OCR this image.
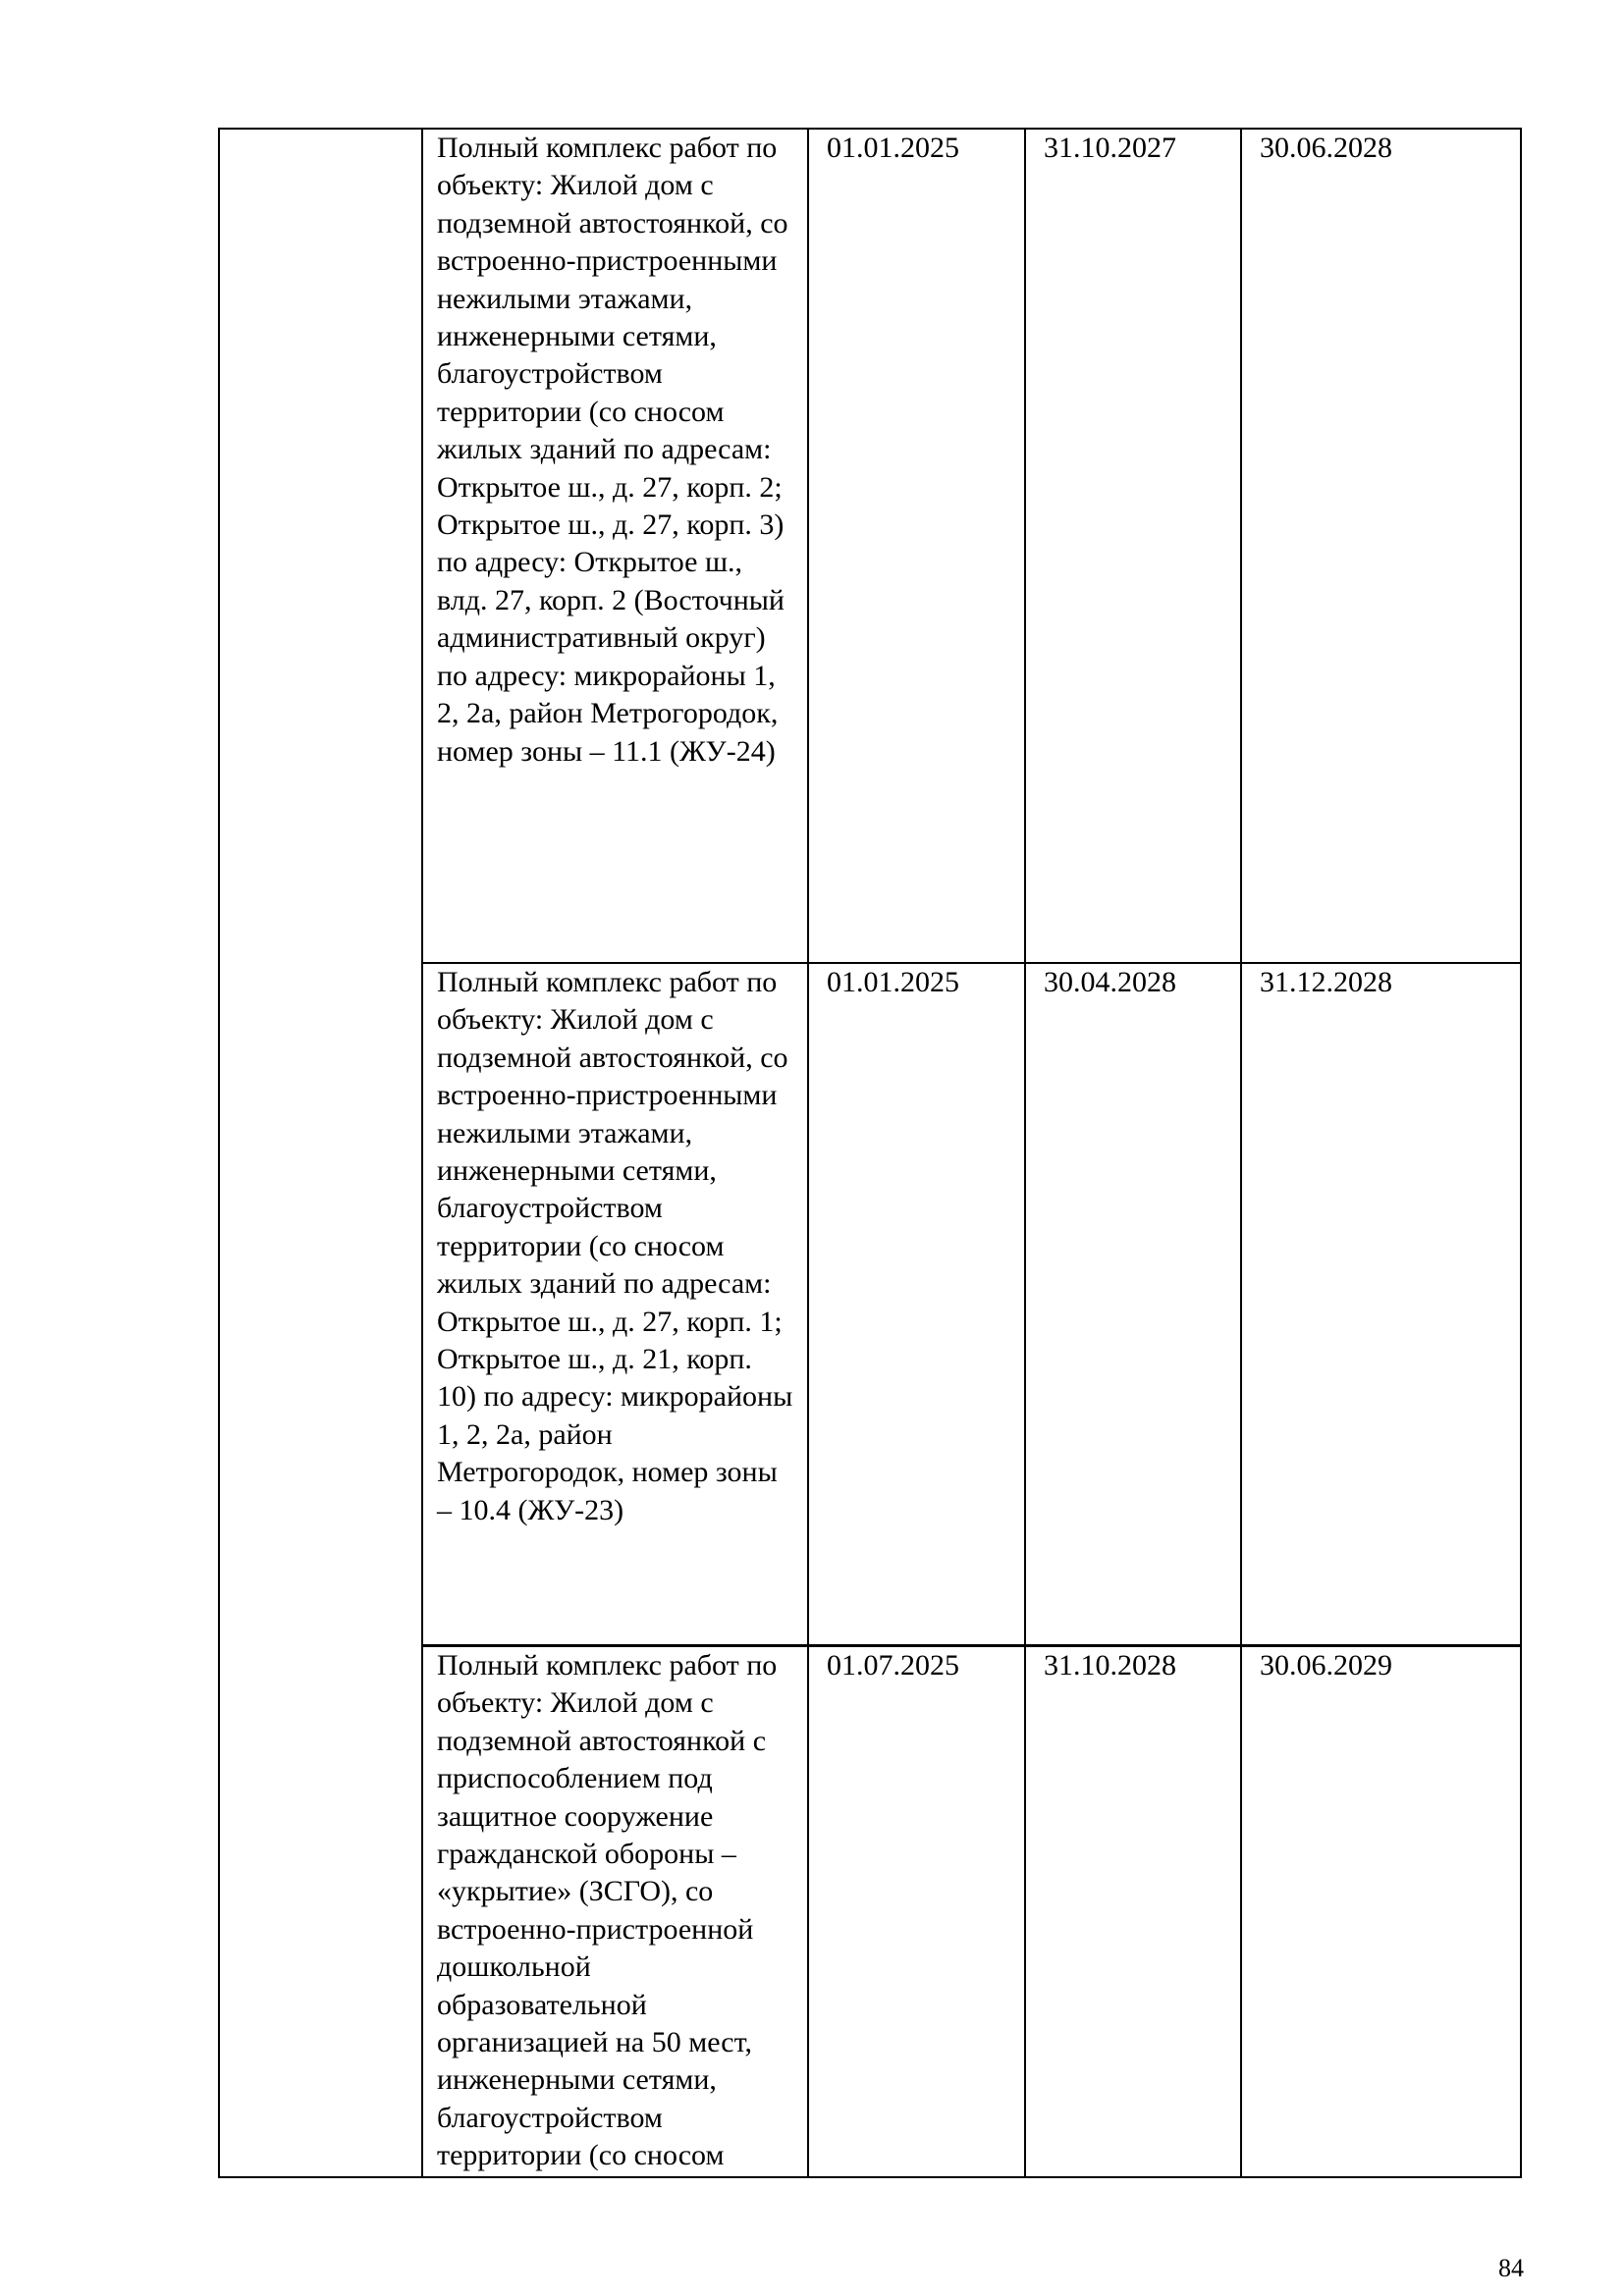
	Полный комплекс работ по объекту: Жилой дом с подземной автостоянкой, со встроенно-пристроенными нежилыми этажами, инженерными сетями, благоустройством территории (со сносом жилых зданий по адресам: Открытое ш., д. 27, корп. 2; Открытое ш., д. 27, корп. 3) по адресу: Открытое ш., влд. 27, корп. 2 (Восточный административный округ) по адресу: микрорайоны 1, 2, 2а, район Метрогородок, номер зоны – 11.1 (ЖУ-24)	01.01.2025	31.10.2027	30.06.2028
	Полный комплекс работ по объекту: Жилой дом с подземной автостоянкой, со встроенно-пристроенными нежилыми этажами, инженерными сетями, благоустройством территории (со сносом жилых зданий по адресам: Открытое ш., д. 27, корп. 1; Открытое ш., д. 21, корп. 10) по адресу: микрорайоны 1, 2, 2а, район Метрогородок, номер зоны – 10.4 (ЖУ-23)	01.01.2025	30.04.2028	31.12.2028
	Полный комплекс работ по объекту: Жилой дом с подземной автостоянкой с приспособлением под защитное сооружение гражданской обороны – «укрытие» (ЗСГО), со встроенно-пристроенной дошкольной образовательной организацией на 50 мест, инженерными сетями, благоустройством территории (со сносом	01.07.2025	31.10.2028	30.06.2029
84
